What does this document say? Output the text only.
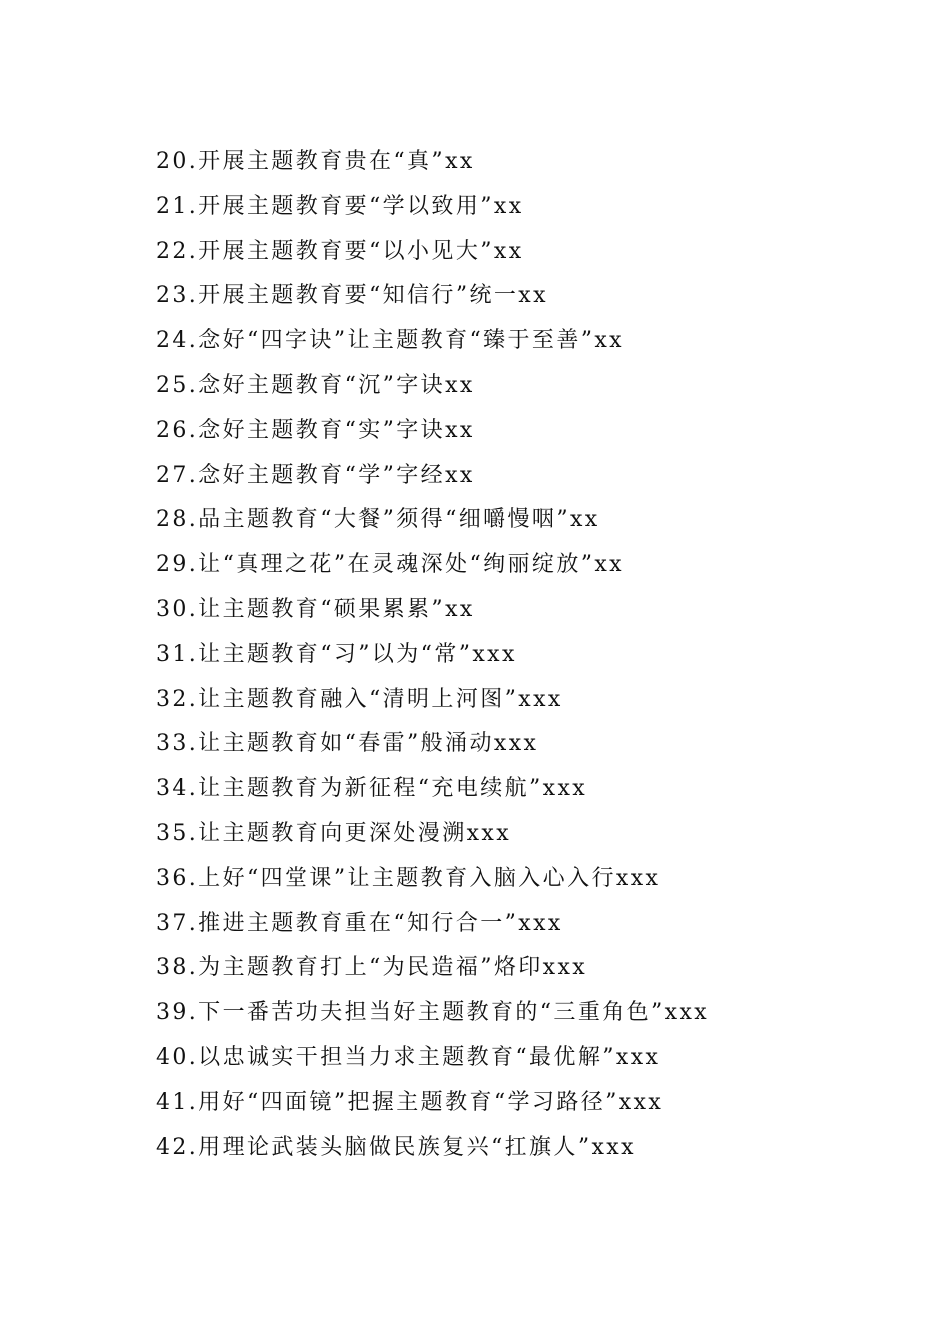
20.开展主题教育贵在“真”xx
21.开展主题教育要“学以致用”xx
22.开展主题教育要“以小见大”xx
23.开展主题教育要“知信行”统一xx
24.念好“四字诀”让主题教育“臻于至善”xx
25.念好主题教育“沉”字诀xx
26.念好主题教育“实”字诀xx
27.念好主题教育“学”字经xx
28.品主题教育“大餐”须得“细嚼慢咽”xx
29.让“真理之花”在灵魂深处“绚丽绽放”xx
30.让主题教育“硕果累累”xx
31.让主题教育“习”以为“常”xxx
32.让主题教育融入“清明上河图”xxx
33.让主题教育如“春雷”般涌动xxx
34.让主题教育为新征程“充电续航”xxx
35.让主题教育向更深处漫溯xxx
36.上好“四堂课”让主题教育入脑入心入行xxx
37.推进主题教育重在“知行合一”xxx
38.为主题教育打上“为民造福”烙印xxx
39.下一番苦功夫担当好主题教育的“三重角色”xxx
40.以忠诚实干担当力求主题教育“最优解”xxx
41.用好“四面镜”把握主题教育“学习路径”xxx
42.用理论武装头脑做民族复兴“扛旗人”xxx
